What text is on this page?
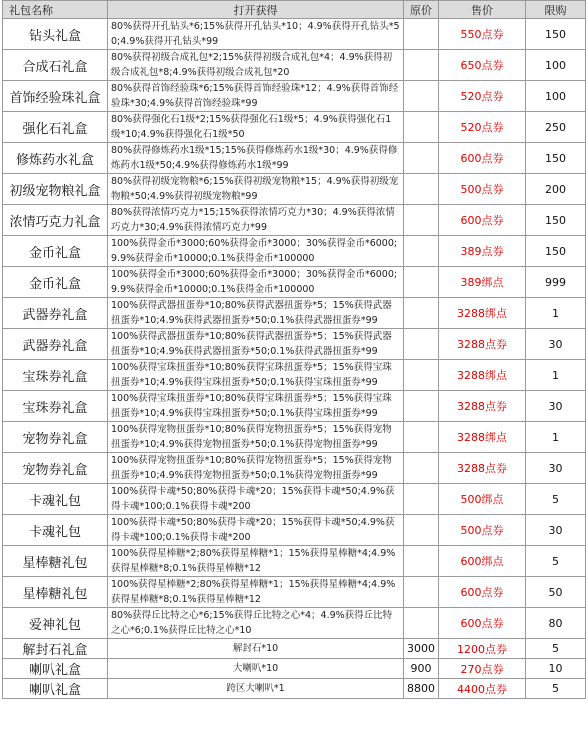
礼包名称	打开获得	原价	售价	限购
钻头礼盒	80%获得开孔钻头*6;15%获得开孔钻头*10；4.9%获得开孔钻头*50;4.9%获得开孔钻头*99		550点券	150
合成石礼盒	80%获得初级合成礼包*2;15%获得初级合成礼包*4；4.9%获得初级合成礼包*8;4.9%获得初级合成礼包*20		650点券	100
首饰经验珠礼盒	80%获得首饰经验珠*6;15%获得首饰经验珠*12；4.9%获得首饰经验珠*30;4.9%获得首饰经验珠*99		520点券	100
强化石礼盒	80%获得强化石1级*2;15%获得强化石1级*5；4.9%获得强化石1级*10;4.9%获得强化石1级*50		520点券	250
修炼药水礼盒	80%获得修炼药水1级*15;15%获得修炼药水1级*30；4.9%获得修炼药水1级*50;4.9%获得修炼药水1级*99		600点券	150
初级宠物粮礼盒	80%获得初级宠物粮*6;15%获得初级宠物粮*15；4.9%获得初级宠物粮*50;4.9%获得初级宠物粮*99		500点券	200
浓情巧克力礼盒	80%获得浓情巧克力*15;15%获得浓情巧克力*30；4.9%获得浓情巧克力*30;4.9%获得浓情巧克力*99		600点券	150
金币礼盒	100%获得金币*3000;60%获得金币*3000；30%获得金币*6000;9.9%获得金币*10000;0.1%获得金币*100000		389点券	150
金币礼盒	100%获得金币*3000;60%获得金币*3000；30%获得金币*6000;9.9%获得金币*10000;0.1%获得金币*100000		389绑点	999
武器券礼盒	100%获得武器扭蛋券*10;80%获得武器扭蛋券*5；15%获得武器扭蛋券*10;4.9%获得武器扭蛋券*50;0.1%获得武器扭蛋券*99		3288绑点	1
武器券礼盒	100%获得武器扭蛋券*10;80%获得武器扭蛋券*5；15%获得武器扭蛋券*10;4.9%获得武器扭蛋券*50;0.1%获得武器扭蛋券*99		3288点券	30
宝珠券礼盒	100%获得宝珠扭蛋券*10;80%获得宝珠扭蛋券*5；15%获得宝珠扭蛋券*10;4.9%获得宝珠扭蛋券*50;0.1%获得宝珠扭蛋券*99		3288绑点	1
宝珠券礼盒	100%获得宝珠扭蛋券*10;80%获得宝珠扭蛋券*5；15%获得宝珠扭蛋券*10;4.9%获得宝珠扭蛋券*50;0.1%获得宝珠扭蛋券*99		3288点券	30
宠物券礼盒	100%获得宠物扭蛋券*10;80%获得宠物扭蛋券*5；15%获得宠物扭蛋券*10;4.9%获得宠物扭蛋券*50;0.1%获得宠物扭蛋券*99		3288绑点	1
宠物券礼盒	100%获得宠物扭蛋券*10;80%获得宠物扭蛋券*5；15%获得宠物扭蛋券*10;4.9%获得宠物扭蛋券*50;0.1%获得宠物扭蛋券*99		3288点券	30
卡魂礼包	100%获得卡魂*50;80%获得卡魂*20；15%获得卡魂*50;4.9%获得卡魂*100;0.1%获得卡魂*200		500绑点	5
卡魂礼包	100%获得卡魂*50;80%获得卡魂*20；15%获得卡魂*50;4.9%获得卡魂*100;0.1%获得卡魂*200		500点券	30
星棒糖礼包	100%获得星棒糖*2;80%获得星棒糖*1；15%获得星棒糖*4;4.9%获得星棒糖*8;0.1%获得星棒糖*12		600绑点	5
星棒糖礼包	100%获得星棒糖*2;80%获得星棒糖*1；15%获得星棒糖*4;4.9%获得星棒糖*8;0.1%获得星棒糖*12		600点券	50
爱神礼包	80%获得丘比特之心*6;15%获得丘比特之心*4；4.9%获得丘比特之心*6;0.1%获得丘比特之心*10		600点券	80
解封石礼盒	解封石*10	3000	1200点券	5
喇叭礼盒	大喇叭*10	900	270点券	10
喇叭礼盒	跨区大喇叭*1	8800	4400点券	5
